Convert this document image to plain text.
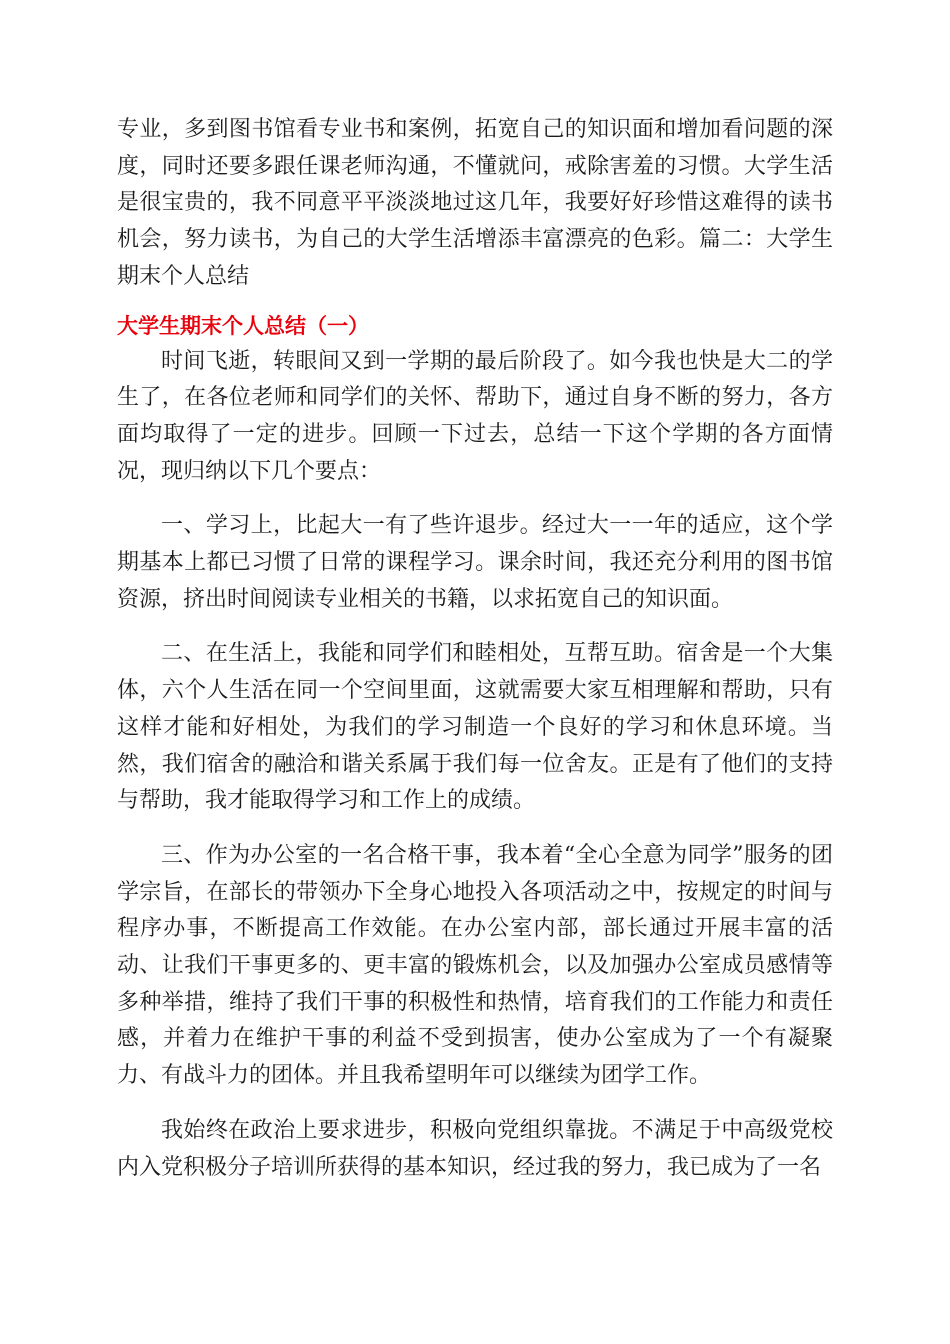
专业，多到图书馆看专业书和案例，拓宽自己的知识面和增加看问题的深度，同时还要多跟任课老师沟通，不懂就问，戒除害羞的习惯。大学生活是很宝贵的，我不同意平平淡淡地过这几年，我要好好珍惜这难得的读书机会，努力读书，为自己的大学生活增添丰富漂亮的色彩。篇二：大学生期末个人总结

大学生期末个人总结（一）

时间飞逝，转眼间又到一学期的最后阶段了。如今我也快是大二的学生了，在各位老师和同学们的关怀、帮助下，通过自身不断的努力，各方面均取得了一定的进步。回顾一下过去，总结一下这个学期的各方面情况，现归纳以下几个要点：

一、学习上，比起大一有了些许退步。经过大一一年的适应，这个学期基本上都已习惯了日常的课程学习。课余时间，我还充分利用的图书馆资源，挤出时间阅读专业相关的书籍，以求拓宽自己的知识面。

二、在生活上，我能和同学们和睦相处，互帮互助。宿舍是一个大集体，六个人生活在同一个空间里面，这就需要大家互相理解和帮助，只有这样才能和好相处，为我们的学习制造一个良好的学习和休息环境。当然，我们宿舍的融洽和谐关系属于我们每一位舍友。正是有了他们的支持与帮助，我才能取得学习和工作上的成绩。

三、作为办公室的一名合格干事，我本着“全心全意为同学”服务的团学宗旨，在部长的带领办下全身心地投入各项活动之中，按规定的时间与程序办事，不断提高工作效能。在办公室内部，部长通过开展丰富的活动、让我们干事更多的、更丰富的锻炼机会，以及加强办公室成员感情等多种举措，维持了我们干事的积极性和热情，培育我们的工作能力和责任感，并着力在维护干事的利益不受到损害，使办公室成为了一个有凝聚力、有战斗力的团体。并且我希望明年可以继续为团学工作。

我始终在政治上要求进步，积极向党组织靠拢。不满足于中高级党校内入党积极分子培训所获得的基本知识，经过我的努力，我已成为了一名
